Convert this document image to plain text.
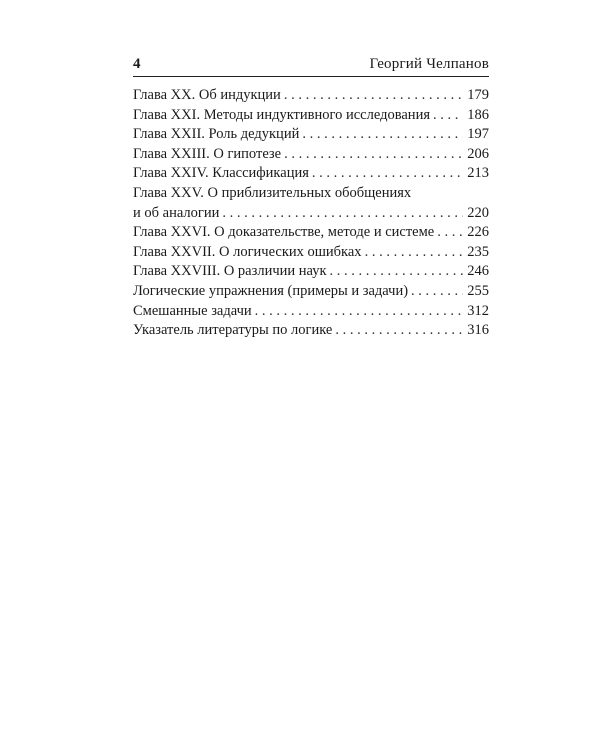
4	Георгий Челпанов
Глава XX. Об индукции . . .	179
Глава XXI. Методы индуктивного исследования . . .	186
Глава XXII. Роль дедукций . . .	197
Глава XXIII. О гипотезе . . .	206
Глава XXIV. Классификация . . .	213
Глава XXV. О приблизительных обобщениях
и об аналогии . . .	220
Глава XXVI. О доказательстве, методе и системе . . . 226
Глава XXVII. О логических ошибках . . .	235
Глава XXVIII. О различии наук . . .	246
Логические упражнения (примеры и задачи) . . .	255
Смешанные задачи . . .	312
Указатель литературы по логике . . .	316
